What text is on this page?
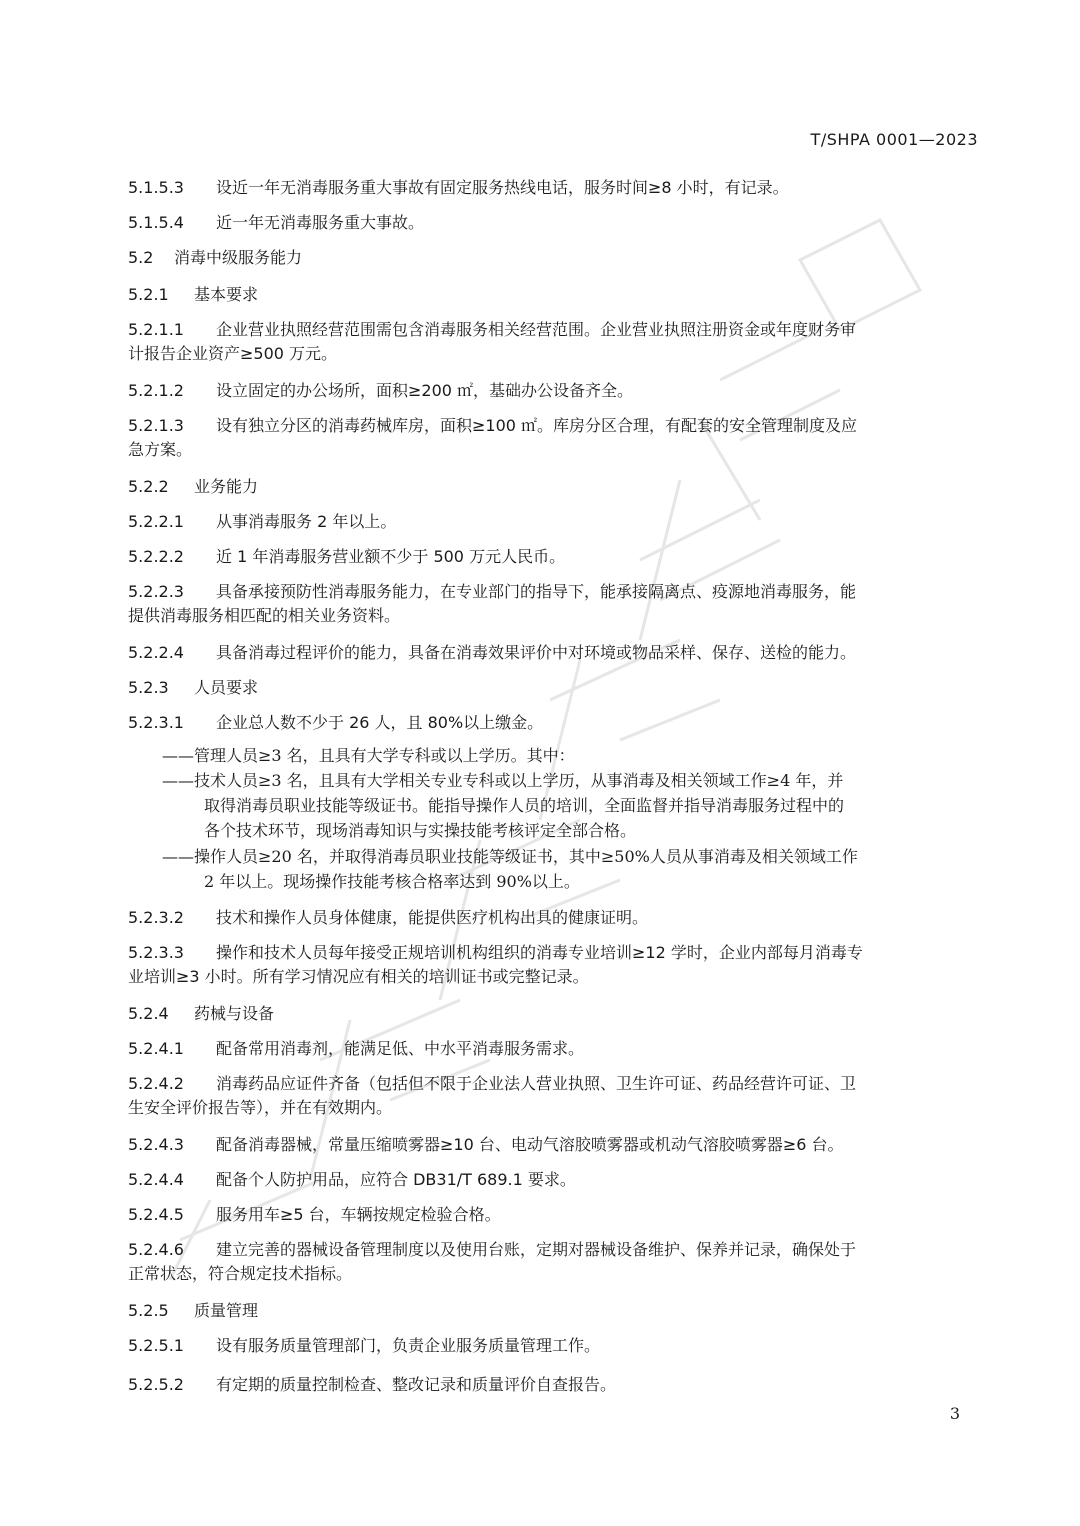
T/SHPA 0001—2023
5.1.5.3 设近一年无消毒服务重大事故有固定服务热线电话，服务时间≥8 小时，有记录。
5.1.5.4 近一年无消毒服务重大事故。
5.2 消毒中级服务能力
5.2.1 基本要求
5.2.1.1 企业营业执照经营范围需包含消毒服务相关经营范围。企业营业执照注册资金或年度财务审
计报告企业资产≥500 万元。
5.2.1.2 设立固定的办公场所，面积≥200 ㎡，基础办公设备齐全。
5.2.1.3 设有独立分区的消毒药械库房，面积≥100 ㎡。库房分区合理，有配套的安全管理制度及应
急方案。
5.2.2 业务能力
5.2.2.1 从事消毒服务 2 年以上。
5.2.2.2 近 1 年消毒服务营业额不少于 500 万元人民币。
5.2.2.3 具备承接预防性消毒服务能力，在专业部门的指导下，能承接隔离点、疫源地消毒服务，能
提供消毒服务相匹配的相关业务资料。
5.2.2.4 具备消毒过程评价的能力，具备在消毒效果评价中对环境或物品采样、保存、送检的能力。
5.2.3 人员要求
5.2.3.1 企业总人数不少于 26 人，且 80%以上缴金。
——管理人员≥3 名，且具有大学专科或以上学历。其中：
——技术人员≥3 名，且具有大学相关专业专科或以上学历，从事消毒及相关领域工作≥4 年，并
取得消毒员职业技能等级证书。能指导操作人员的培训，全面监督并指导消毒服务过程中的
各个技术环节，现场消毒知识与实操技能考核评定全部合格。
——操作人员≥20 名，并取得消毒员职业技能等级证书，其中≥50%人员从事消毒及相关领域工作
2 年以上。现场操作技能考核合格率达到 90%以上。
5.2.3.2 技术和操作人员身体健康，能提供医疗机构出具的健康证明。
5.2.3.3 操作和技术人员每年接受正规培训机构组织的消毒专业培训≥12 学时，企业内部每月消毒专
业培训≥3 小时。所有学习情况应有相关的培训证书或完整记录。
5.2.4 药械与设备
5.2.4.1 配备常用消毒剂，能满足低、中水平消毒服务需求。
5.2.4.2 消毒药品应证件齐备（包括但不限于企业法人营业执照、卫生许可证、药品经营许可证、卫
生安全评价报告等），并在有效期内。
5.2.4.3 配备消毒器械，常量压缩喷雾器≥10 台、电动气溶胶喷雾器或机动气溶胶喷雾器≥6 台。
5.2.4.4 配备个人防护用品，应符合 DB31/T 689.1 要求。
5.2.4.5 服务用车≥5 台，车辆按规定检验合格。
5.2.4.6 建立完善的器械设备管理制度以及使用台账，定期对器械设备维护、保养并记录，确保处于
正常状态，符合规定技术指标。
5.2.5 质量管理
5.2.5.1 设有服务质量管理部门，负责企业服务质量管理工作。
5.2.5.2 有定期的质量控制检查、整改记录和质量评价自查报告。
3
